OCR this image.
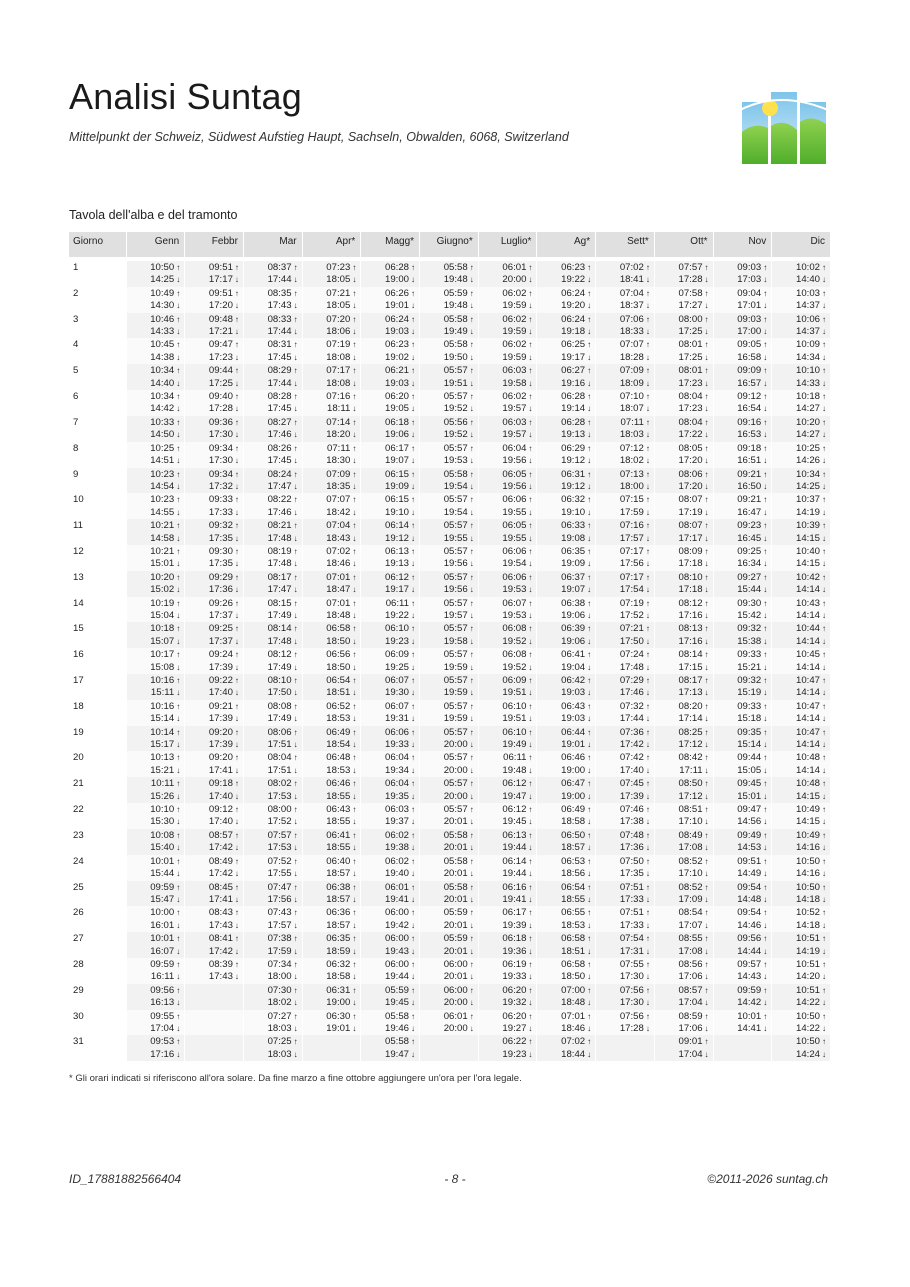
Analisi Suntag
Mittelpunkt der Schweiz, Südwest Aufstieg Haupt, Sachseln, Obwalden, 6068, Switzerland
Tavola dell'alba e del tramonto
Giorno	Genn	Febbr	Mar	Apr*	Magg*	Giugno*	Luglio*	Ag*	Sett*	Ott*	Nov	Dic

1	10:50 ↑	09:51 ↑	08:37 ↑	07:23 ↑	06:28 ↑	05:58 ↑	06:01 ↑	06:23 ↑	07:02 ↑	07:57 ↑	09:03 ↑	10:02 ↑
	14:25 ↓	17:17 ↓	17:44 ↓	18:05 ↓	19:00 ↓	19:48 ↓	20:00 ↓	19:22 ↓	18:41 ↓	17:28 ↓	17:03 ↓	14:40 ↓
2	10:49 ↑	09:51 ↑	08:35 ↑	07:21 ↑	06:26 ↑	05:59 ↑	06:02 ↑	06:24 ↑	07:04 ↑	07:58 ↑	09:04 ↑	10:03 ↑
	14:30 ↓	17:20 ↓	17:43 ↓	18:05 ↓	19:01 ↓	19:48 ↓	19:59 ↓	19:20 ↓	18:37 ↓	17:27 ↓	17:01 ↓	14:37 ↓
3	10:46 ↑	09:48 ↑	08:33 ↑	07:20 ↑	06:24 ↑	05:58 ↑	06:02 ↑	06:24 ↑	07:06 ↑	08:00 ↑	09:03 ↑	10:06 ↑
	14:33 ↓	17:21 ↓	17:44 ↓	18:06 ↓	19:03 ↓	19:49 ↓	19:59 ↓	19:18 ↓	18:33 ↓	17:25 ↓	17:00 ↓	14:37 ↓
4	10:45 ↑	09:47 ↑	08:31 ↑	07:19 ↑	06:23 ↑	05:58 ↑	06:02 ↑	06:25 ↑	07:07 ↑	08:01 ↑	09:05 ↑	10:09 ↑
	14:38 ↓	17:23 ↓	17:45 ↓	18:08 ↓	19:02 ↓	19:50 ↓	19:59 ↓	19:17 ↓	18:28 ↓	17:25 ↓	16:58 ↓	14:34 ↓
5	10:34 ↑	09:44 ↑	08:29 ↑	07:17 ↑	06:21 ↑	05:57 ↑	06:03 ↑	06:27 ↑	07:09 ↑	08:01 ↑	09:09 ↑	10:10 ↑
	14:40 ↓	17:25 ↓	17:44 ↓	18:08 ↓	19:03 ↓	19:51 ↓	19:58 ↓	19:16 ↓	18:09 ↓	17:23 ↓	16:57 ↓	14:33 ↓
6	10:34 ↑	09:40 ↑	08:28 ↑	07:16 ↑	06:20 ↑	05:57 ↑	06:02 ↑	06:28 ↑	07:10 ↑	08:04 ↑	09:12 ↑	10:18 ↑
	14:42 ↓	17:28 ↓	17:45 ↓	18:11 ↓	19:05 ↓	19:52 ↓	19:57 ↓	19:14 ↓	18:07 ↓	17:23 ↓	16:54 ↓	14:27 ↓
7	10:33 ↑	09:36 ↑	08:27 ↑	07:14 ↑	06:18 ↑	05:56 ↑	06:03 ↑	06:28 ↑	07:11 ↑	08:04 ↑	09:16 ↑	10:20 ↑
	14:50 ↓	17:30 ↓	17:46 ↓	18:20 ↓	19:06 ↓	19:52 ↓	19:57 ↓	19:13 ↓	18:03 ↓	17:22 ↓	16:53 ↓	14:27 ↓
8	10:25 ↑	09:34 ↑	08:26 ↑	07:11 ↑	06:17 ↑	05:57 ↑	06:04 ↑	06:29 ↑	07:12 ↑	08:05 ↑	09:18 ↑	10:25 ↑
	14:51 ↓	17:30 ↓	17:45 ↓	18:30 ↓	19:07 ↓	19:53 ↓	19:56 ↓	19:12 ↓	18:02 ↓	17:20 ↓	16:51 ↓	14:26 ↓
9	10:23 ↑	09:34 ↑	08:24 ↑	07:09 ↑	06:15 ↑	05:58 ↑	06:05 ↑	06:31 ↑	07:13 ↑	08:06 ↑	09:21 ↑	10:34 ↑
	14:54 ↓	17:32 ↓	17:47 ↓	18:35 ↓	19:09 ↓	19:54 ↓	19:56 ↓	19:12 ↓	18:00 ↓	17:20 ↓	16:50 ↓	14:25 ↓
10	10:23 ↑	09:33 ↑	08:22 ↑	07:07 ↑	06:15 ↑	05:57 ↑	06:06 ↑	06:32 ↑	07:15 ↑	08:07 ↑	09:21 ↑	10:37 ↑
	14:55 ↓	17:33 ↓	17:46 ↓	18:42 ↓	19:10 ↓	19:54 ↓	19:55 ↓	19:10 ↓	17:59 ↓	17:19 ↓	16:47 ↓	14:19 ↓
11	10:21 ↑	09:32 ↑	08:21 ↑	07:04 ↑	06:14 ↑	05:57 ↑	06:05 ↑	06:33 ↑	07:16 ↑	08:07 ↑	09:23 ↑	10:39 ↑
	14:58 ↓	17:35 ↓	17:48 ↓	18:43 ↓	19:12 ↓	19:55 ↓	19:55 ↓	19:08 ↓	17:57 ↓	17:17 ↓	16:45 ↓	14:15 ↓
12	10:21 ↑	09:30 ↑	08:19 ↑	07:02 ↑	06:13 ↑	05:57 ↑	06:06 ↑	06:35 ↑	07:17 ↑	08:09 ↑	09:25 ↑	10:40 ↑
	15:01 ↓	17:35 ↓	17:48 ↓	18:46 ↓	19:13 ↓	19:56 ↓	19:54 ↓	19:09 ↓	17:56 ↓	17:18 ↓	16:34 ↓	14:15 ↓
13	10:20 ↑	09:29 ↑	08:17 ↑	07:01 ↑	06:12 ↑	05:57 ↑	06:06 ↑	06:37 ↑	07:17 ↑	08:10 ↑	09:27 ↑	10:42 ↑
	15:02 ↓	17:36 ↓	17:47 ↓	18:47 ↓	19:17 ↓	19:56 ↓	19:53 ↓	19:07 ↓	17:54 ↓	17:18 ↓	15:44 ↓	14:14 ↓
14	10:19 ↑	09:26 ↑	08:15 ↑	07:01 ↑	06:11 ↑	05:57 ↑	06:07 ↑	06:38 ↑	07:19 ↑	08:12 ↑	09:30 ↑	10:43 ↑
	15:04 ↓	17:37 ↓	17:49 ↓	18:48 ↓	19:22 ↓	19:57 ↓	19:53 ↓	19:06 ↓	17:52 ↓	17:16 ↓	15:42 ↓	14:14 ↓
15	10:18 ↑	09:25 ↑	08:14 ↑	06:58 ↑	06:10 ↑	05:57 ↑	06:08 ↑	06:39 ↑	07:21 ↑	08:13 ↑	09:32 ↑	10:44 ↑
	15:07 ↓	17:37 ↓	17:48 ↓	18:50 ↓	19:23 ↓	19:58 ↓	19:52 ↓	19:06 ↓	17:50 ↓	17:16 ↓	15:38 ↓	14:14 ↓
16	10:17 ↑	09:24 ↑	08:12 ↑	06:56 ↑	06:09 ↑	05:57 ↑	06:08 ↑	06:41 ↑	07:24 ↑	08:14 ↑	09:33 ↑	10:45 ↑
	15:08 ↓	17:39 ↓	17:49 ↓	18:50 ↓	19:25 ↓	19:59 ↓	19:52 ↓	19:04 ↓	17:48 ↓	17:15 ↓	15:21 ↓	14:14 ↓
17	10:16 ↑	09:22 ↑	08:10 ↑	06:54 ↑	06:07 ↑	05:57 ↑	06:09 ↑	06:42 ↑	07:29 ↑	08:17 ↑	09:32 ↑	10:47 ↑
	15:11 ↓	17:40 ↓	17:50 ↓	18:51 ↓	19:30 ↓	19:59 ↓	19:51 ↓	19:03 ↓	17:46 ↓	17:13 ↓	15:19 ↓	14:14 ↓
18	10:16 ↑	09:21 ↑	08:08 ↑	06:52 ↑	06:07 ↑	05:57 ↑	06:10 ↑	06:43 ↑	07:32 ↑	08:20 ↑	09:33 ↑	10:47 ↑
	15:14 ↓	17:39 ↓	17:49 ↓	18:53 ↓	19:31 ↓	19:59 ↓	19:51 ↓	19:03 ↓	17:44 ↓	17:14 ↓	15:18 ↓	14:14 ↓
19	10:14 ↑	09:20 ↑	08:06 ↑	06:49 ↑	06:06 ↑	05:57 ↑	06:10 ↑	06:44 ↑	07:36 ↑	08:25 ↑	09:35 ↑	10:47 ↑
	15:17 ↓	17:39 ↓	17:51 ↓	18:54 ↓	19:33 ↓	20:00 ↓	19:49 ↓	19:01 ↓	17:42 ↓	17:12 ↓	15:14 ↓	14:14 ↓
20	10:13 ↑	09:20 ↑	08:04 ↑	06:48 ↑	06:04 ↑	05:57 ↑	06:11 ↑	06:46 ↑	07:42 ↑	08:42 ↑	09:44 ↑	10:48 ↑
	15:21 ↓	17:41 ↓	17:51 ↓	18:53 ↓	19:34 ↓	20:00 ↓	19:48 ↓	19:00 ↓	17:40 ↓	17:11 ↓	15:05 ↓	14:14 ↓
21	10:11 ↑	09:18 ↑	08:02 ↑	06:46 ↑	06:04 ↑	05:57 ↑	06:12 ↑	06:47 ↑	07:45 ↑	08:50 ↑	09:45 ↑	10:48 ↑
	15:26 ↓	17:40 ↓	17:53 ↓	18:55 ↓	19:35 ↓	20:00 ↓	19:47 ↓	19:00 ↓	17:39 ↓	17:12 ↓	15:01 ↓	14:15 ↓
22	10:10 ↑	09:12 ↑	08:00 ↑	06:43 ↑	06:03 ↑	05:57 ↑	06:12 ↑	06:49 ↑	07:46 ↑	08:51 ↑	09:47 ↑	10:49 ↑
	15:30 ↓	17:40 ↓	17:52 ↓	18:55 ↓	19:37 ↓	20:01 ↓	19:45 ↓	18:58 ↓	17:38 ↓	17:10 ↓	14:56 ↓	14:15 ↓
23	10:08 ↑	08:57 ↑	07:57 ↑	06:41 ↑	06:02 ↑	05:58 ↑	06:13 ↑	06:50 ↑	07:48 ↑	08:49 ↑	09:49 ↑	10:49 ↑
	15:40 ↓	17:42 ↓	17:53 ↓	18:55 ↓	19:38 ↓	20:01 ↓	19:44 ↓	18:57 ↓	17:36 ↓	17:08 ↓	14:53 ↓	14:16 ↓
24	10:01 ↑	08:49 ↑	07:52 ↑	06:40 ↑	06:02 ↑	05:58 ↑	06:14 ↑	06:53 ↑	07:50 ↑	08:52 ↑	09:51 ↑	10:50 ↑
	15:44 ↓	17:42 ↓	17:55 ↓	18:57 ↓	19:40 ↓	20:01 ↓	19:44 ↓	18:56 ↓	17:35 ↓	17:10 ↓	14:49 ↓	14:16 ↓
25	09:59 ↑	08:45 ↑	07:47 ↑	06:38 ↑	06:01 ↑	05:58 ↑	06:16 ↑	06:54 ↑	07:51 ↑	08:52 ↑	09:54 ↑	10:50 ↑
	15:47 ↓	17:41 ↓	17:56 ↓	18:57 ↓	19:41 ↓	20:01 ↓	19:41 ↓	18:55 ↓	17:33 ↓	17:09 ↓	14:48 ↓	14:18 ↓
26	10:00 ↑	08:43 ↑	07:43 ↑	06:36 ↑	06:00 ↑	05:59 ↑	06:17 ↑	06:55 ↑	07:51 ↑	08:54 ↑	09:54 ↑	10:52 ↑
	16:01 ↓	17:43 ↓	17:57 ↓	18:57 ↓	19:42 ↓	20:01 ↓	19:39 ↓	18:53 ↓	17:33 ↓	17:07 ↓	14:46 ↓	14:18 ↓
27	10:01 ↑	08:41 ↑	07:38 ↑	06:35 ↑	06:00 ↑	05:59 ↑	06:18 ↑	06:58 ↑	07:54 ↑	08:55 ↑	09:56 ↑	10:51 ↑
	16:07 ↓	17:42 ↓	17:59 ↓	18:59 ↓	19:43 ↓	20:01 ↓	19:36 ↓	18:51 ↓	17:31 ↓	17:08 ↓	14:44 ↓	14:19 ↓
28	09:59 ↑	08:39 ↑	07:34 ↑	06:32 ↑	06:00 ↑	06:00 ↑	06:19 ↑	06:58 ↑	07:55 ↑	08:56 ↑	09:57 ↑	10:51 ↑
	16:11 ↓	17:43 ↓	18:00 ↓	18:58 ↓	19:44 ↓	20:01 ↓	19:33 ↓	18:50 ↓	17:30 ↓	17:06 ↓	14:43 ↓	14:20 ↓
29	09:56 ↑		07:30 ↑	06:31 ↑	05:59 ↑	06:00 ↑	06:20 ↑	07:00 ↑	07:56 ↑	08:57 ↑	09:59 ↑	10:51 ↑
	16:13 ↓		18:02 ↓	19:00 ↓	19:45 ↓	20:00 ↓	19:32 ↓	18:48 ↓	17:30 ↓	17:04 ↓	14:42 ↓	14:22 ↓
30	09:55 ↑		07:27 ↑	06:30 ↑	05:58 ↑	06:01 ↑	06:20 ↑	07:01 ↑	07:56 ↑	08:59 ↑	10:01 ↑	10:50 ↑
	17:04 ↓		18:03 ↓	19:01 ↓	19:46 ↓	20:00 ↓	19:27 ↓	18:46 ↓	17:28 ↓	17:06 ↓	14:41 ↓	14:22 ↓
31	09:53 ↑		07:25 ↑		05:58 ↑		06:22 ↑	07:02 ↑		09:01 ↑		10:50 ↑
	17:16 ↓		18:03 ↓		19:47 ↓		19:23 ↓	18:44 ↓		17:04 ↓		14:24 ↓
* Gli orari indicati si riferiscono all'ora solare. Da fine marzo a fine ottobre aggiungere un'ora per l'ora legale.
ID_17881882566404	- 8 -	©2011-2026 suntag.ch
